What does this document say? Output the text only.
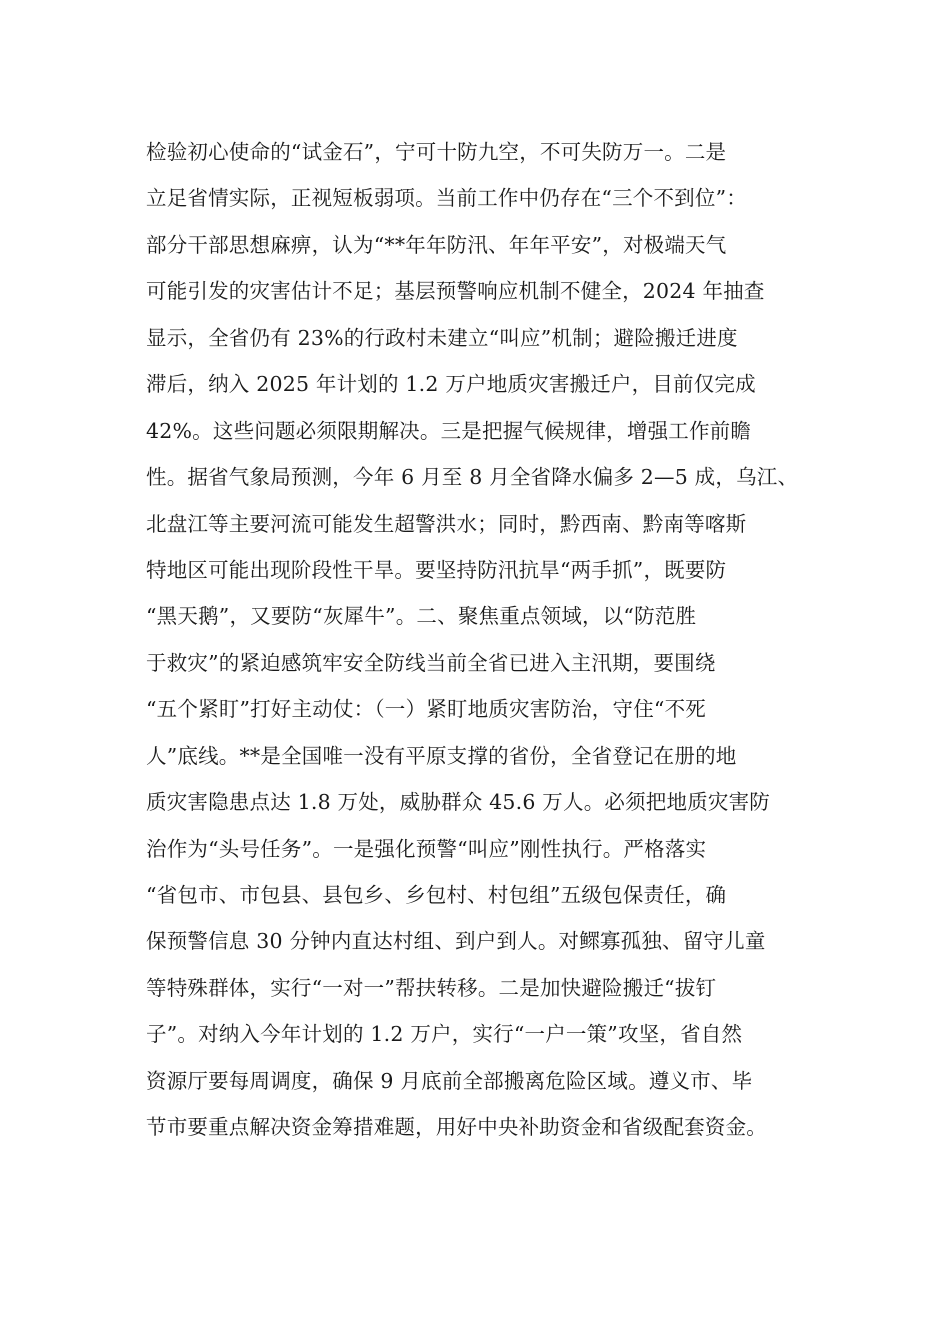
检验初心使命的“试金石”，宁可十防九空，不可失防万一。二是
立足省情实际，正视短板弱项。当前工作中仍存在“三个不到位”：
部分干部思想麻痹，认为“**年年防汛、年年平安”，对极端天气
可能引发的灾害估计不足；基层预警响应机制不健全，2024 年抽查
显示，全省仍有 23%的行政村未建立“叫应”机制；避险搬迁进度
滞后，纳入 2025 年计划的 1.2 万户地质灾害搬迁户，目前仅完成
42%。这些问题必须限期解决。三是把握气候规律，增强工作前瞻
性。据省气象局预测，今年 6 月至 8 月全省降水偏多 2—5 成，乌江、
北盘江等主要河流可能发生超警洪水；同时，黔西南、黔南等喀斯
特地区可能出现阶段性干旱。要坚持防汛抗旱“两手抓”，既要防
“黑天鹅”，又要防“灰犀牛”。二、聚焦重点领域，以“防范胜
于救灾”的紧迫感筑牢安全防线当前全省已进入主汛期，要围绕
“五个紧盯”打好主动仗：（一）紧盯地质灾害防治，守住“不死
人”底线。**是全国唯一没有平原支撑的省份，全省登记在册的地
质灾害隐患点达 1.8 万处，威胁群众 45.6 万人。必须把地质灾害防
治作为“头号任务”。一是强化预警“叫应”刚性执行。严格落实
“省包市、市包县、县包乡、乡包村、村包组”五级包保责任，确
保预警信息 30 分钟内直达村组、到户到人。对鳏寡孤独、留守儿童
等特殊群体，实行“一对一”帮扶转移。二是加快避险搬迁“拔钉
子”。对纳入今年计划的 1.2 万户，实行“一户一策”攻坚，省自然
资源厅要每周调度，确保 9 月底前全部搬离危险区域。遵义市、毕
节市要重点解决资金筹措难题，用好中央补助资金和省级配套资金。
